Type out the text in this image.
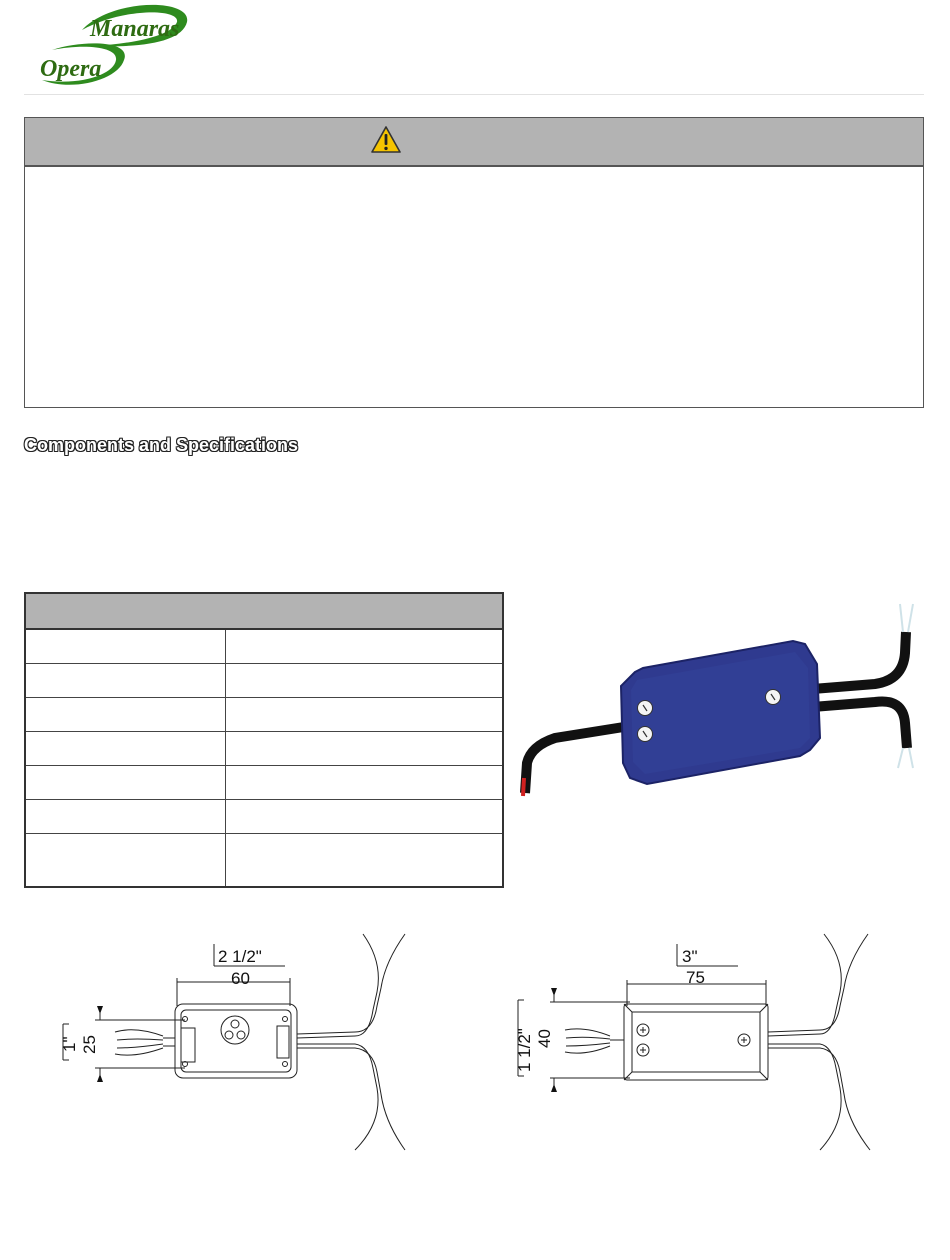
Manaras
Opera
Components and Specifications

2 1/2"
60
1" 25
3"
75
1 1/2" 40
